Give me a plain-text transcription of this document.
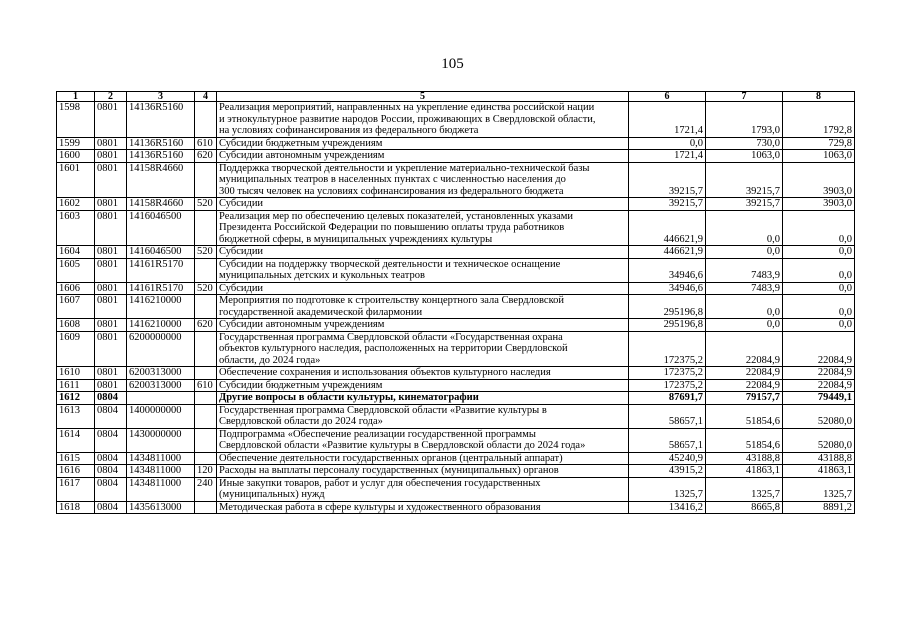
105
1	2	3	4	5	6	7	8
1598	0801	14136R5160		Реализация мероприятий, направленных на укрепление единства российской нации
и этнокультурное развитие народов России, проживающих в Свердловской области,
на условиях софинансирования из федерального бюджета	1721,4	1793,0	1792,8
1599	0801	14136R5160	610	Субсидии бюджетным учреждениям	0,0	730,0	729,8
1600	0801	14136R5160	620	Субсидии автономным учреждениям	1721,4	1063,0	1063,0
1601	0801	14158R4660		Поддержка творческой деятельности и укрепление материально-технической базы
муниципальных театров в населенных пунктах с численностью населения до
300 тысяч человек на условиях софинансирования из федерального бюджета	39215,7	39215,7	3903,0
1602	0801	14158R4660	520	Субсидии	39215,7	39215,7	3903,0
1603	0801	1416046500		Реализация мер по обеспечению целевых показателей, установленных указами
Президента Российской Федерации по повышению оплаты труда работников
бюджетной сферы, в муниципальных учреждениях культуры	446621,9	0,0	0,0
1604	0801	1416046500	520	Субсидии	446621,9	0,0	0,0
1605	0801	14161R5170		Субсидии на поддержку творческой деятельности и техническое оснащение
муниципальных детских и кукольных театров	34946,6	7483,9	0,0
1606	0801	14161R5170	520	Субсидии	34946,6	7483,9	0,0
1607	0801	1416210000		Мероприятия по подготовке к строительству концертного зала Свердловской
государственной академической филармонии	295196,8	0,0	0,0
1608	0801	1416210000	620	Субсидии автономным учреждениям	295196,8	0,0	0,0
1609	0801	6200000000		Государственная программа Свердловской области «Государственная охрана
объектов культурного наследия, расположенных на территории Свердловской
области, до 2024 года»	172375,2	22084,9	22084,9
1610	0801	6200313000		Обеспечение сохранения и использования объектов культурного наследия	172375,2	22084,9	22084,9
1611	0801	6200313000	610	Субсидии бюджетным учреждениям	172375,2	22084,9	22084,9
1612	0804			Другие вопросы в области культуры, кинематографии	87691,7	79157,7	79449,1
1613	0804	1400000000		Государственная программа Свердловской области «Развитие культуры в
Свердловской области до 2024 года»	58657,1	51854,6	52080,0
1614	0804	1430000000		Подпрограмма «Обеспечение реализации государственной программы
Свердловской области «Развитие культуры в Свердловской области до 2024 года»	58657,1	51854,6	52080,0
1615	0804	1434811000		Обеспечение деятельности государственных органов (центральный аппарат)	45240,9	43188,8	43188,8
1616	0804	1434811000	120	Расходы на выплаты персоналу государственных (муниципальных) органов	43915,2	41863,1	41863,1
1617	0804	1434811000	240	Иные закупки товаров, работ и услуг для обеспечения государственных
(муниципальных) нужд	1325,7	1325,7	1325,7
1618	0804	1435613000		Методическая работа в сфере культуры и художественного образования	13416,2	8665,8	8891,2
